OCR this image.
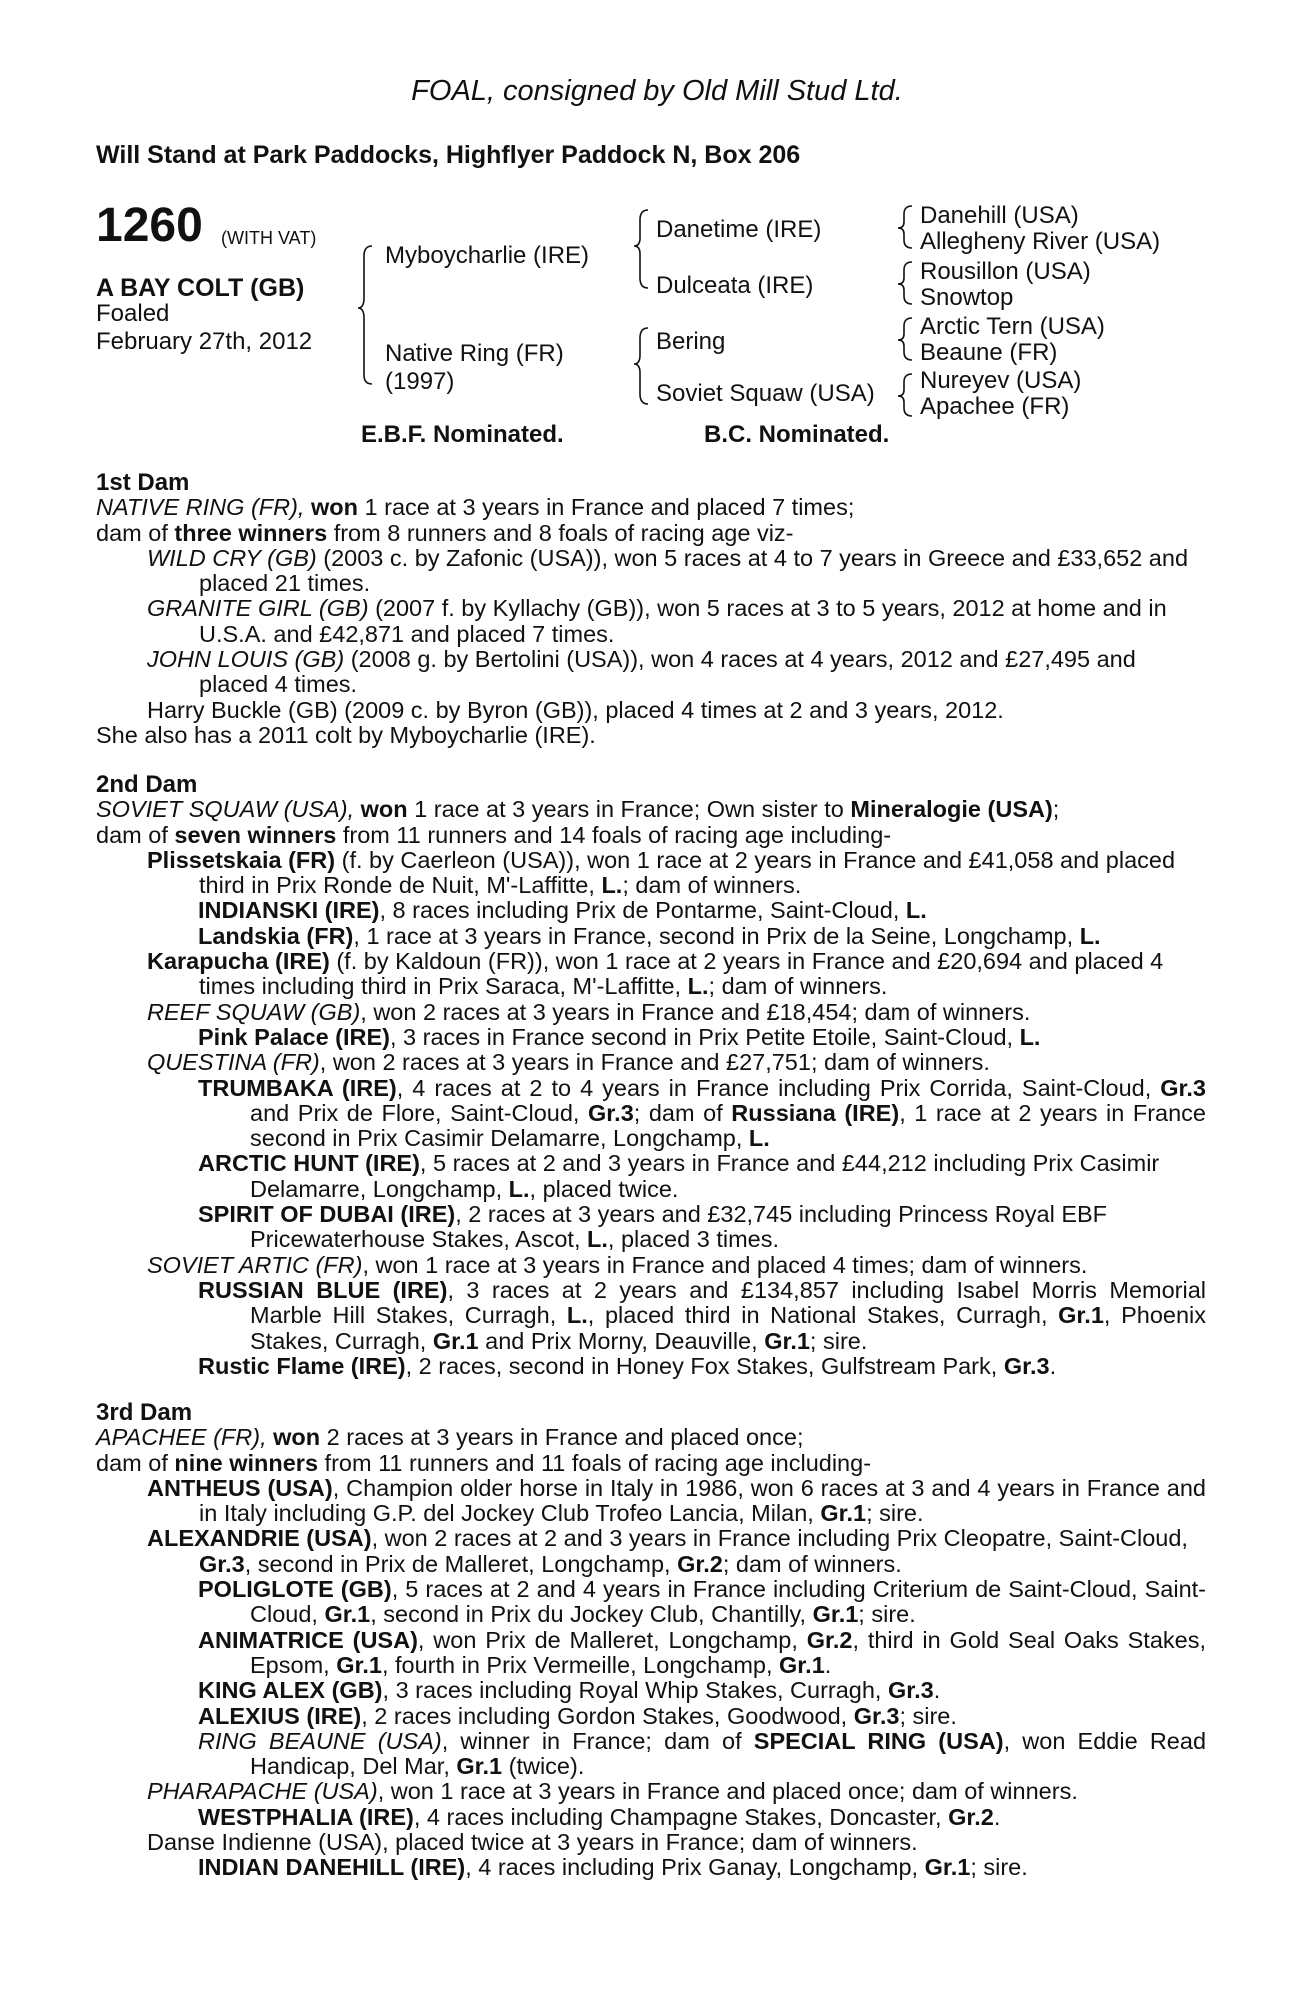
FOAL, consigned by Old Mill Stud Ltd.
Will Stand at Park Paddocks, Highflyer Paddock N, Box 206
1260 (WITH VAT)
A BAY COLT (GB)
Foaled
February 27th, 2012
Myboycharlie (IRE)
Native Ring (FR)
(1997)
Danetime (IRE)
Dulceata (IRE)
Bering
Soviet Squaw (USA)
Danehill (USA)
Allegheny River (USA)
Rousillon (USA)
Snowtop
Arctic Tern (USA)
Beaune (FR)
Nureyev (USA)
Apachee (FR)
E.B.F. Nominated.	B.C. Nominated.
1st Dam
NATIVE RING (FR), won 1 race at 3 years in France and placed 7 times;
dam of three winners from 8 runners and 8 foals of racing age viz-
WILD CRY (GB) (2003 c. by Zafonic (USA)), won 5 races at 4 to 7 years in Greece and £33,652 and placed 21 times.
GRANITE GIRL (GB) (2007 f. by Kyllachy (GB)), won 5 races at 3 to 5 years, 2012 at home and in U.S.A. and £42,871 and placed 7 times.
JOHN LOUIS (GB) (2008 g. by Bertolini (USA)), won 4 races at 4 years, 2012 and £27,495 and placed 4 times.
Harry Buckle (GB) (2009 c. by Byron (GB)), placed 4 times at 2 and 3 years, 2012.
She also has a 2011 colt by Myboycharlie (IRE).
2nd Dam
SOVIET SQUAW (USA), won 1 race at 3 years in France; Own sister to Mineralogie (USA);
dam of seven winners from 11 runners and 14 foals of racing age including-
Plissetskaia (FR) (f. by Caerleon (USA)), won 1 race at 2 years in France and £41,058 and placed third in Prix Ronde de Nuit, M'-Laffitte, L.; dam of winners.
INDIANSKI (IRE), 8 races including Prix de Pontarme, Saint-Cloud, L.
Landskia (FR), 1 race at 3 years in France, second in Prix de la Seine, Longchamp, L.
Karapucha (IRE) (f. by Kaldoun (FR)), won 1 race at 2 years in France and £20,694 and placed 4 times including third in Prix Saraca, M'-Laffitte, L.; dam of winners.
REEF SQUAW (GB), won 2 races at 3 years in France and £18,454; dam of winners.
Pink Palace (IRE), 3 races in France second in Prix Petite Etoile, Saint-Cloud, L.
QUESTINA (FR), won 2 races at 3 years in France and £27,751; dam of winners.
TRUMBAKA (IRE), 4 races at 2 to 4 years in France including Prix Corrida, Saint-Cloud, Gr.3 and Prix de Flore, Saint-Cloud, Gr.3; dam of Russiana (IRE), 1 race at 2 years in France second in Prix Casimir Delamarre, Longchamp, L.
ARCTIC HUNT (IRE), 5 races at 2 and 3 years in France and £44,212 including Prix Casimir Delamarre, Longchamp, L., placed twice.
SPIRIT OF DUBAI (IRE), 2 races at 3 years and £32,745 including Princess Royal EBF Pricewaterhouse Stakes, Ascot, L., placed 3 times.
SOVIET ARTIC (FR), won 1 race at 3 years in France and placed 4 times; dam of winners.
RUSSIAN BLUE (IRE), 3 races at 2 years and £134,857 including Isabel Morris Memorial Marble Hill Stakes, Curragh, L., placed third in National Stakes, Curragh, Gr.1, Phoenix Stakes, Curragh, Gr.1 and Prix Morny, Deauville, Gr.1; sire.
Rustic Flame (IRE), 2 races, second in Honey Fox Stakes, Gulfstream Park, Gr.3.
3rd Dam
APACHEE (FR), won 2 races at 3 years in France and placed once;
dam of nine winners from 11 runners and 11 foals of racing age including-
ANTHEUS (USA), Champion older horse in Italy in 1986, won 6 races at 3 and 4 years in France and in Italy including G.P. del Jockey Club Trofeo Lancia, Milan, Gr.1; sire.
ALEXANDRIE (USA), won 2 races at 2 and 3 years in France including Prix Cleopatre, Saint-Cloud, Gr.3, second in Prix de Malleret, Longchamp, Gr.2; dam of winners.
POLIGLOTE (GB), 5 races at 2 and 4 years in France including Criterium de Saint-Cloud, Saint-Cloud, Gr.1, second in Prix du Jockey Club, Chantilly, Gr.1; sire.
ANIMATRICE (USA), won Prix de Malleret, Longchamp, Gr.2, third in Gold Seal Oaks Stakes, Epsom, Gr.1, fourth in Prix Vermeille, Longchamp, Gr.1.
KING ALEX (GB), 3 races including Royal Whip Stakes, Curragh, Gr.3.
ALEXIUS (IRE), 2 races including Gordon Stakes, Goodwood, Gr.3; sire.
RING BEAUNE (USA), winner in France; dam of SPECIAL RING (USA), won Eddie Read Handicap, Del Mar, Gr.1 (twice).
PHARAPACHE (USA), won 1 race at 3 years in France and placed once; dam of winners.
WESTPHALIA (IRE), 4 races including Champagne Stakes, Doncaster, Gr.2.
Danse Indienne (USA), placed twice at 3 years in France; dam of winners.
INDIAN DANEHILL (IRE), 4 races including Prix Ganay, Longchamp, Gr.1; sire.
